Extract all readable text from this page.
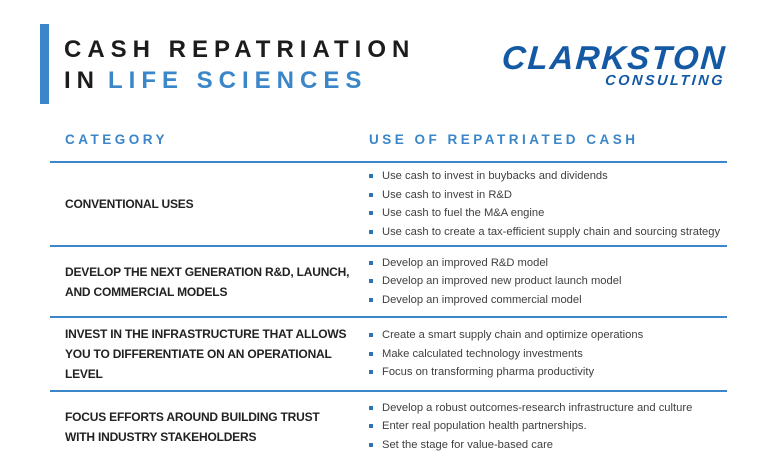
CASH REPATRIATION
IN LIFE SCIENCES
CLARKSTON
CONSULTING
CATEGORY	USE OF REPATRIATED CASH
CONVENTIONAL USES
Use cash to invest in buybacks and dividends
Use cash to invest in R&D
Use cash to fuel the M&A engine
Use cash to create a tax-efficient supply chain and sourcing strategy
DEVELOP THE NEXT GENERATION R&D, LAUNCH, AND COMMERCIAL MODELS
Develop an improved R&D model
Develop an improved new product launch model
Develop an improved commercial model
INVEST IN THE INFRASTRUCTURE THAT ALLOWS YOU TO DIFFERENTIATE ON AN OPERATIONAL LEVEL
Create a smart supply chain and optimize operations
Make calculated technology investments
Focus on transforming pharma productivity
FOCUS EFFORTS AROUND BUILDING TRUST WITH INDUSTRY STAKEHOLDERS
Develop a robust outcomes-research infrastructure and culture
Enter real population health partnerships.
Set the stage for value-based care
